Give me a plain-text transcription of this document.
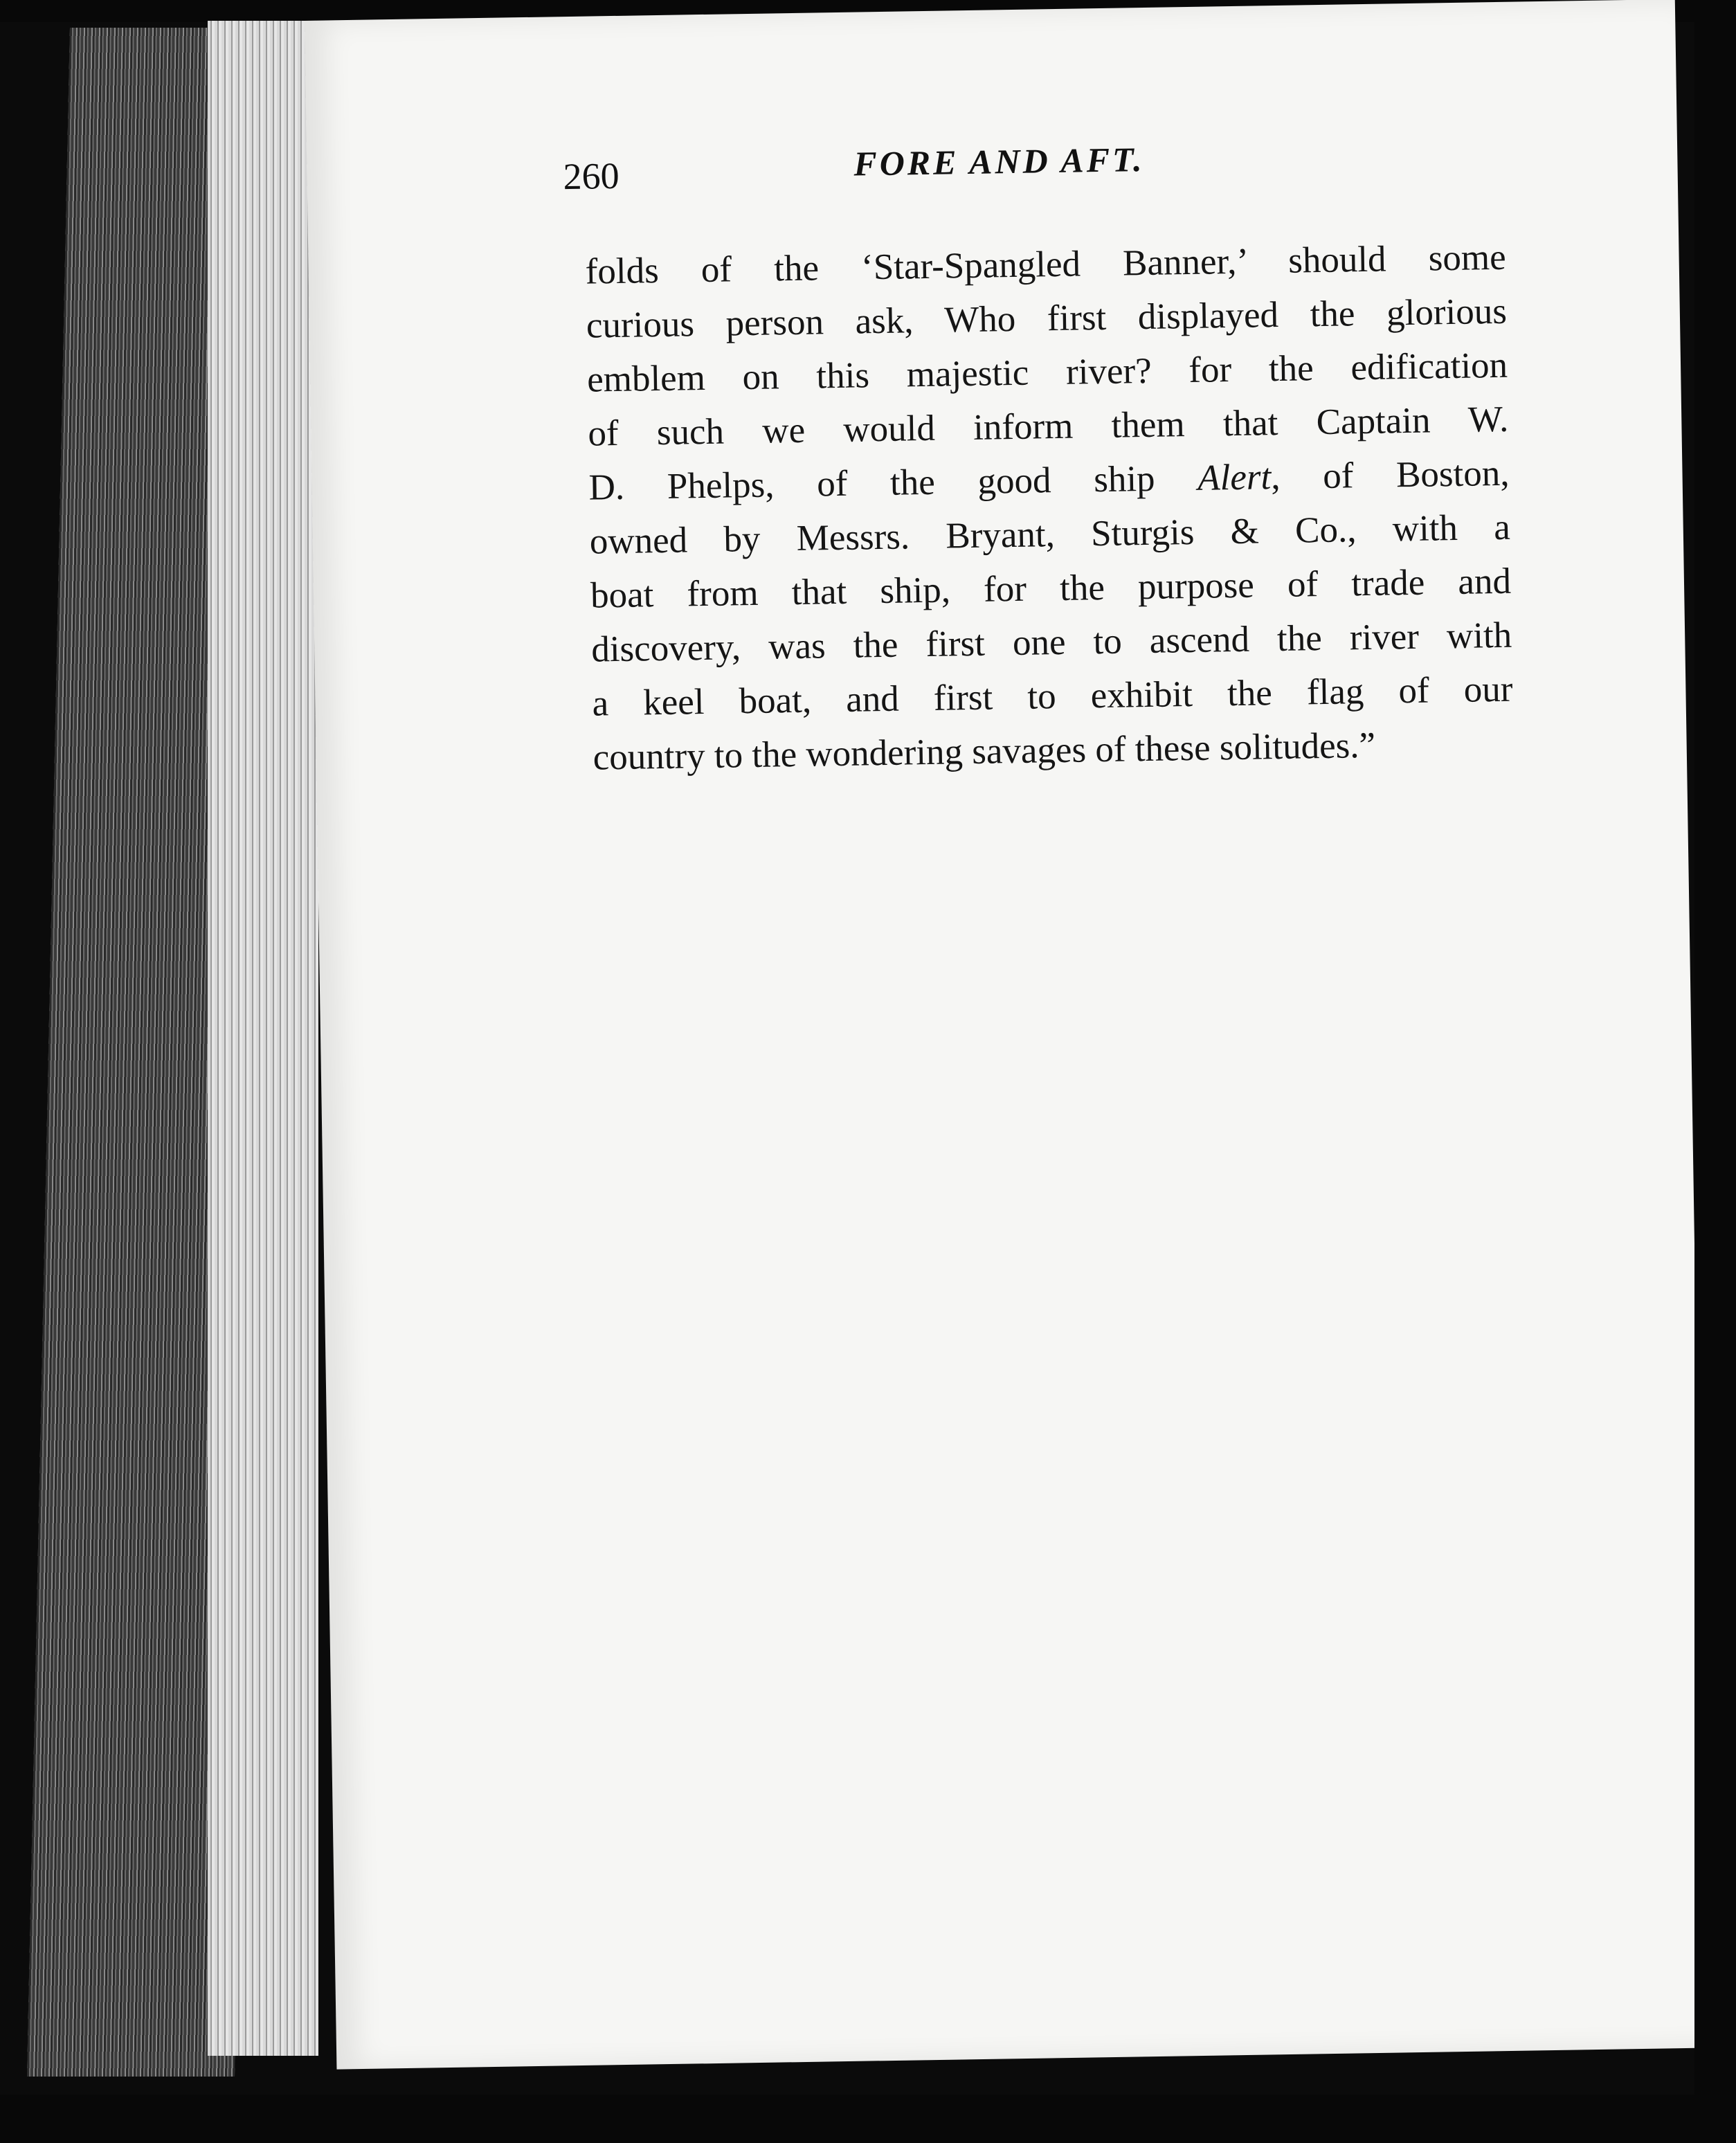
260	FORE AND AFT.
folds of the ‘Star-Spangled Banner,’ should some
curious person ask, Who first displayed the glorious
emblem on this majestic river? for the edification
of such we would inform them that Captain W.
D. Phelps, of the good ship Alert, of Boston,
owned by Messrs. Bryant, Sturgis & Co., with a
boat from that ship, for the purpose of trade and
discovery, was the first one to ascend the river with
a keel boat, and first to exhibit the flag of our
country to the wondering savages of these solitudes.”
